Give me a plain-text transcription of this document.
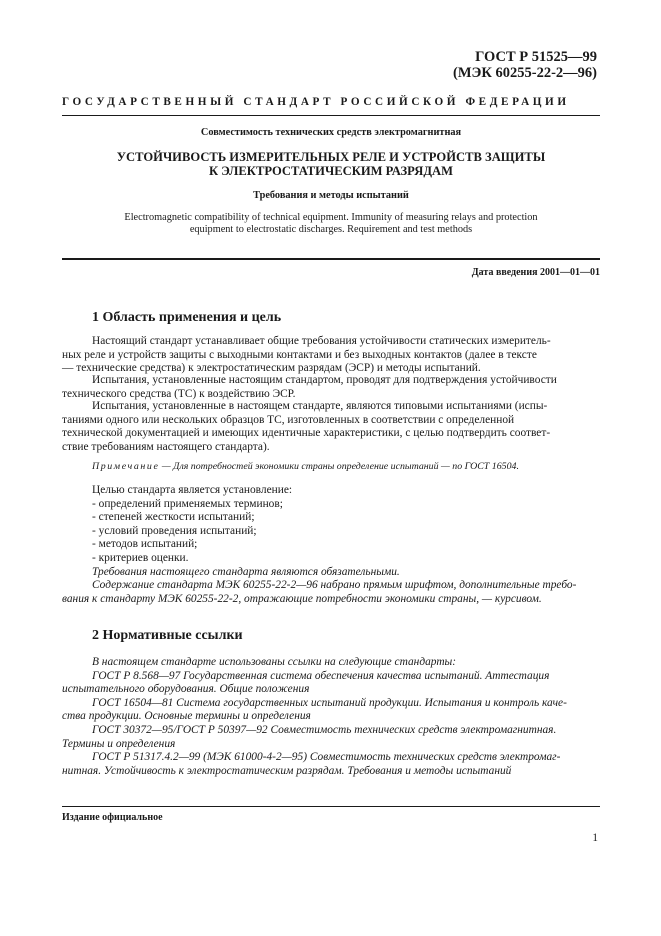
ГОСТ Р 51525—99
(МЭК 60255-22-2—96)
ГОСУДАРСТВЕННЫЙ СТАНДАРТ РОССИЙСКОЙ ФЕДЕРАЦИИ
Совместимость технических средств электромагнитная
УСТОЙЧИВОСТЬ ИЗМЕРИТЕЛЬНЫХ РЕЛЕ И УСТРОЙСТВ ЗАЩИТЫ
К ЭЛЕКТРОСТАТИЧЕСКИМ РАЗРЯДАМ
Требования и методы испытаний
Electromagnetic compatibility of technical equipment. Immunity of measuring relays and protection
equipment to electrostatic discharges. Requirement and test methods
Дата введения 2001—01—01
1 Область применения и цель
Настоящий стандарт устанавливает общие требования устойчивости статических измеритель-
ных реле и устройств защиты с выходными контактами и без выходных контактов (далее в тексте
— технические средства) к электростатическим разрядам (ЭСР) и методы испытаний.
Испытания, установленные настоящим стандартом, проводят для подтверждения устойчивости
технического средства (ТС) к воздействию ЭСР.
Испытания, установленные в настоящем стандарте, являются типовыми испытаниями (испы-
таниями одного или нескольких образцов ТС, изготовленных в соответствии с определенной
технической документацией и имеющих идентичные характеристики, с целью подтвердить соответ-
ствие требованиям настоящего стандарта).
Примечание — Для потребностей экономики страны определение испытаний — по ГОСТ 16504.
Целью стандарта является установление:
- определений применяемых терминов;
- степеней жесткости испытаний;
- условий проведения испытаний;
- методов испытаний;
- критериев оценки.
Требования настоящего стандарта являются обязательными.
Содержание стандарта МЭК 60255-22-2—96 набрано прямым шрифтом, дополнительные требо-
вания к стандарту МЭК 60255-22-2, отражающие потребности экономики страны, — курсивом.
2 Нормативные ссылки
В настоящем стандарте использованы ссылки на следующие стандарты:
ГОСТ Р 8.568—97 Государственная система обеспечения качества испытаний. Аттестация
испытательного оборудования. Общие положения
ГОСТ 16504—81 Система государственных испытаний продукции. Испытания и контроль каче-
ства продукции. Основные термины и определения
ГОСТ 30372—95/ГОСТ Р 50397—92 Совместимость технических средств электромагнитная.
Термины и определения
ГОСТ Р 51317.4.2—99 (МЭК 61000-4-2—95) Совместимость технических средств электромаг-
нитная. Устойчивость к электростатическим разрядам. Требования и методы испытаний
Издание официальное
1
